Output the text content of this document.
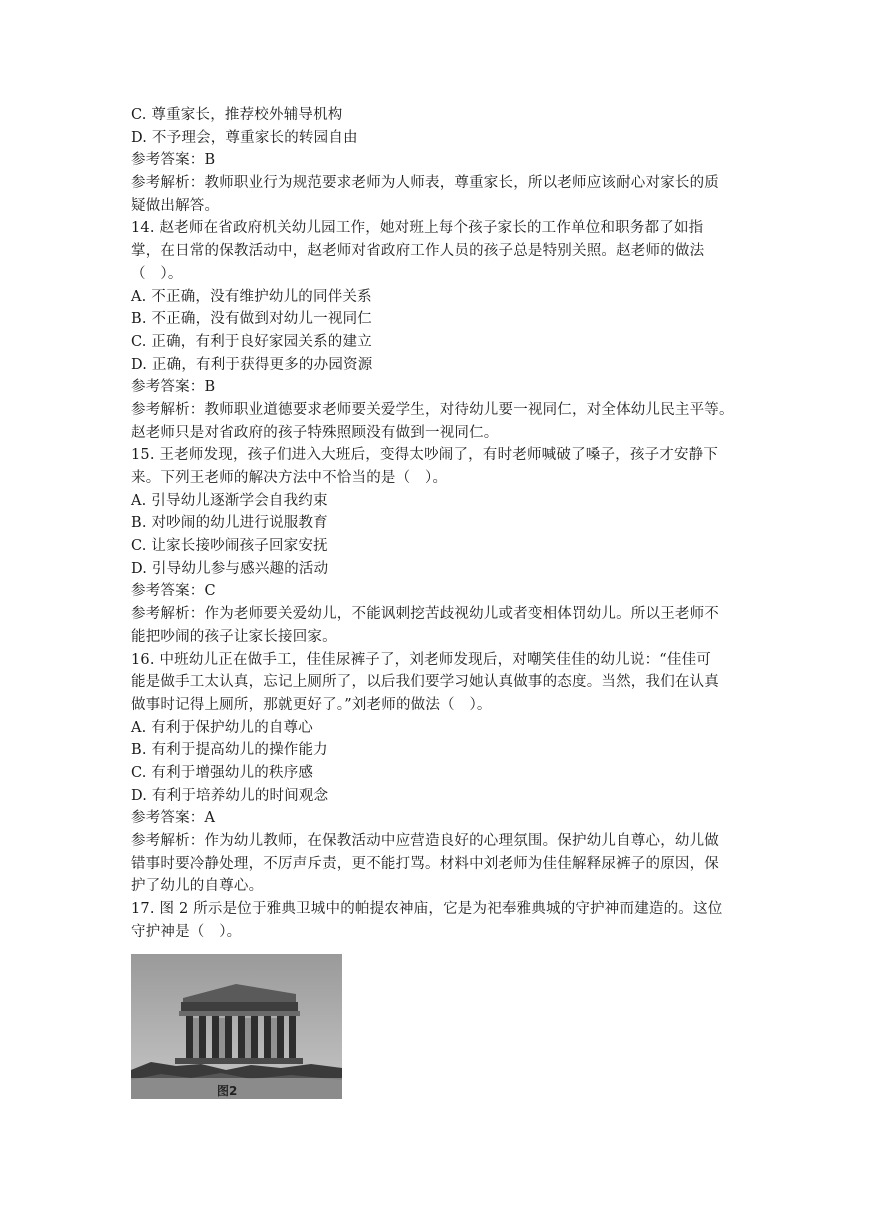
C. 尊重家长，推荐校外辅导机构
D. 不予理会，尊重家长的转园自由
参考答案：B
参考解析：教师职业行为规范要求老师为人师表，尊重家长，所以老师应该耐心对家长的质
疑做出解答。
14. 赵老师在省政府机关幼儿园工作，她对班上每个孩子家长的工作单位和职务都了如指
掌，在日常的保教活动中，赵老师对省政府工作人员的孩子总是特别关照。赵老师的做法
（　）。
A. 不正确，没有维护幼儿的同伴关系
B. 不正确，没有做到对幼儿一视同仁
C. 正确，有利于良好家园关系的建立
D. 正确，有利于获得更多的办园资源
参考答案：B
参考解析：教师职业道德要求老师要关爱学生，对待幼儿要一视同仁，对全体幼儿民主平等。
赵老师只是对省政府的孩子特殊照顾没有做到一视同仁。
15. 王老师发现，孩子们进入大班后，变得太吵闹了，有时老师喊破了嗓子，孩子才安静下
来。下列王老师的解决方法中不恰当的是（　）。
A. 引导幼儿逐渐学会自我约束
B. 对吵闹的幼儿进行说服教育
C. 让家长接吵闹孩子回家安抚
D. 引导幼儿参与感兴趣的活动
参考答案：C
参考解析：作为老师要关爱幼儿，不能讽刺挖苦歧视幼儿或者变相体罚幼儿。所以王老师不
能把吵闹的孩子让家长接回家。
16. 中班幼儿正在做手工，佳佳尿裤子了，刘老师发现后，对嘲笑佳佳的幼儿说：“佳佳可
能是做手工太认真，忘记上厕所了，以后我们要学习她认真做事的态度。当然，我们在认真
做事时记得上厕所，那就更好了。”刘老师的做法（　）。
A. 有利于保护幼儿的自尊心
B. 有利于提高幼儿的操作能力
C. 有利于增强幼儿的秩序感
D. 有利于培养幼儿的时间观念
参考答案：A
参考解析：作为幼儿教师，在保教活动中应营造良好的心理氛围。保护幼儿自尊心，幼儿做
错事时要冷静处理，不厉声斥责，更不能打骂。材料中刘老师为佳佳解释尿裤子的原因，保
护了幼儿的自尊心。
17. 图 2 所示是位于雅典卫城中的帕提农神庙，它是为祀奉雅典城的守护神而建造的。这位
守护神是（　）。
图2
